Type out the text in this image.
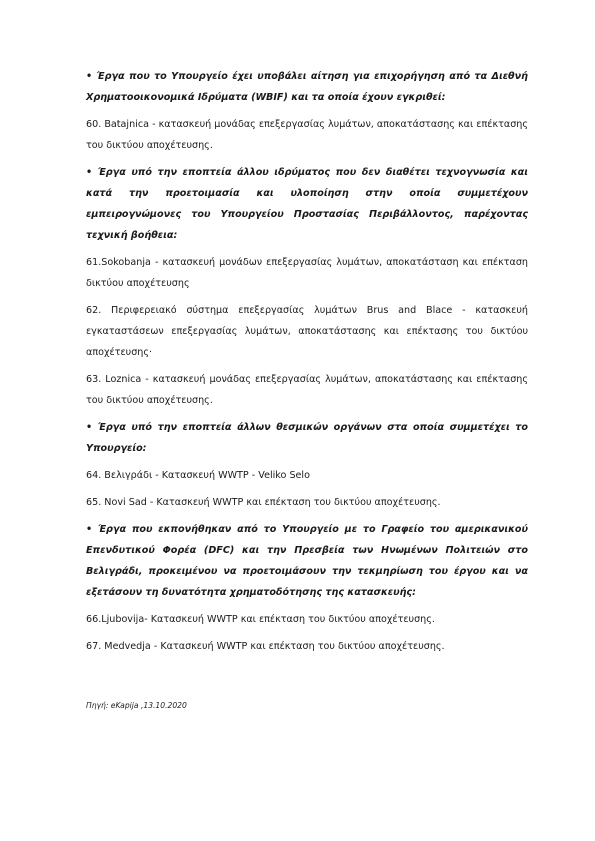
• Έργα που το Υπουργείο έχει υποβάλει αίτηση για επιχορήγηση από τα Διεθνή Χρηματοοικονομικά Ιδρύματα (WBIF) και τα οποία έχουν εγκριθεί:

60. Batajnica - κατασκευή μονάδας επεξεργασίας λυμάτων, αποκατάστασης και επέκτασης του δικτύου αποχέτευσης.

• Έργα υπό την εποπτεία άλλου ιδρύματος που δεν διαθέτει τεχνογνωσία και κατά την προετοιμασία και υλοποίηση στην οποία συμμετέχουν εμπειρογνώμονες του Υπουργείου Προστασίας Περιβάλλοντος, παρέχοντας τεχνική βοήθεια:

61.Sokobanja - κατασκευή μονάδων επεξεργασίας λυμάτων, αποκατάσταση και επέκταση δικτύου αποχέτευσης

62. Περιφερειακό σύστημα επεξεργασίας λυμάτων Brus and Blace - κατασκευή εγκαταστάσεων επεξεργασίας λυμάτων, αποκατάστασης και επέκτασης του δικτύου αποχέτευσης·

63. Loznica - κατασκευή μονάδας επεξεργασίας λυμάτων, αποκατάστασης και επέκτασης του δικτύου αποχέτευσης.

• Έργα υπό την εποπτεία άλλων θεσμικών οργάνων στα οποία συμμετέχει το Υπουργείο:

64. Βελιγράδι - Κατασκευή WWTP - Veliko Selo

65. Novi Sad - Κατασκευή WWTP και επέκταση του δικτύου αποχέτευσης.

• Έργα που εκπονήθηκαν από το Υπουργείο με το Γραφείο του αμερικανικού Επενδυτικού Φορέα (DFC) και την Πρεσβεία των Ηνωμένων Πολιτειών στο Βελιγράδι, προκειμένου να προετοιμάσουν την τεκμηρίωση του έργου και να εξετάσουν τη δυνατότητα χρηματοδότησης της κατασκευής:

66.Ljubovija- Κατασκευή WWTP και επέκταση του δικτύου αποχέτευσης.

67. Medvedja - Κατασκευή WWTP και επέκταση του δικτύου αποχέτευσης.

Πηγή: eKapija ,13.10.2020
